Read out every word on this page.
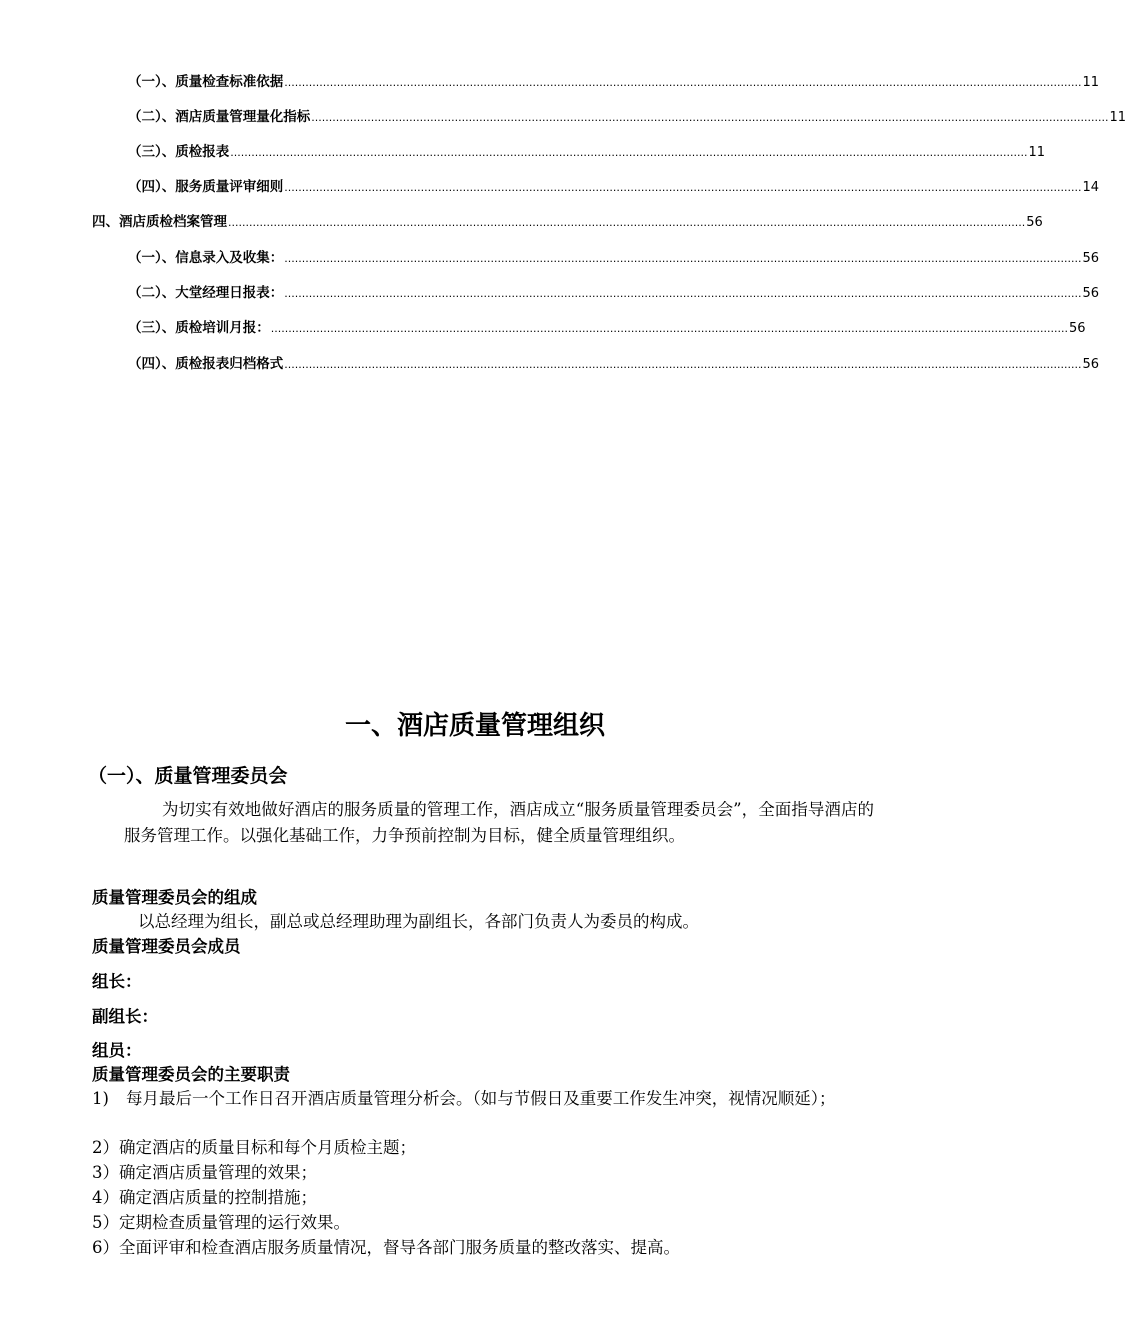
（一）、质量检查标准依据 .................................................................................................................................................................................................................................... 11
（二）、酒店质量管理量化指标 .................................................................................................................................................................................................................................... 11
（三）、质检报表 .................................................................................................................................................................................................................................... 11
（四）、服务质量评审细则 .................................................................................................................................................................................................................................... 14
四、酒店质检档案管理 .................................................................................................................................................................................................................................... 56
（一）、信息录入及收集： .................................................................................................................................................................................................................................... 56
（二）、大堂经理日报表： .................................................................................................................................................................................................................................... 56
（三）、质检培训月报： .................................................................................................................................................................................................................................... 56
（四）、质检报表归档格式 .................................................................................................................................................................................................................................... 56
一、酒店质量管理组织
（一）、质量管理委员会
为切实有效地做好酒店的服务质量的管理工作，酒店成立“服务质量管理委员会”，全面指导酒店的服务管理工作。以强化基础工作，力争预前控制为目标，健全质量管理组织。
质量管理委员会的组成
以总经理为组长，副总或总经理助理为副组长，各部门负责人为委员的构成。
质量管理委员会成员
组长：
副组长：
组员：
质量管理委员会的主要职责
1) 每月最后一个工作日召开酒店质量管理分析会。（如与节假日及重要工作发生冲突，视情况顺延）；
2）确定酒店的质量目标和每个月质检主题；
3）确定酒店质量管理的效果；
4）确定酒店质量的控制措施；
5）定期检查质量管理的运行效果。
6）全面评审和检查酒店服务质量情况，督导各部门服务质量的整改落实、提高。
